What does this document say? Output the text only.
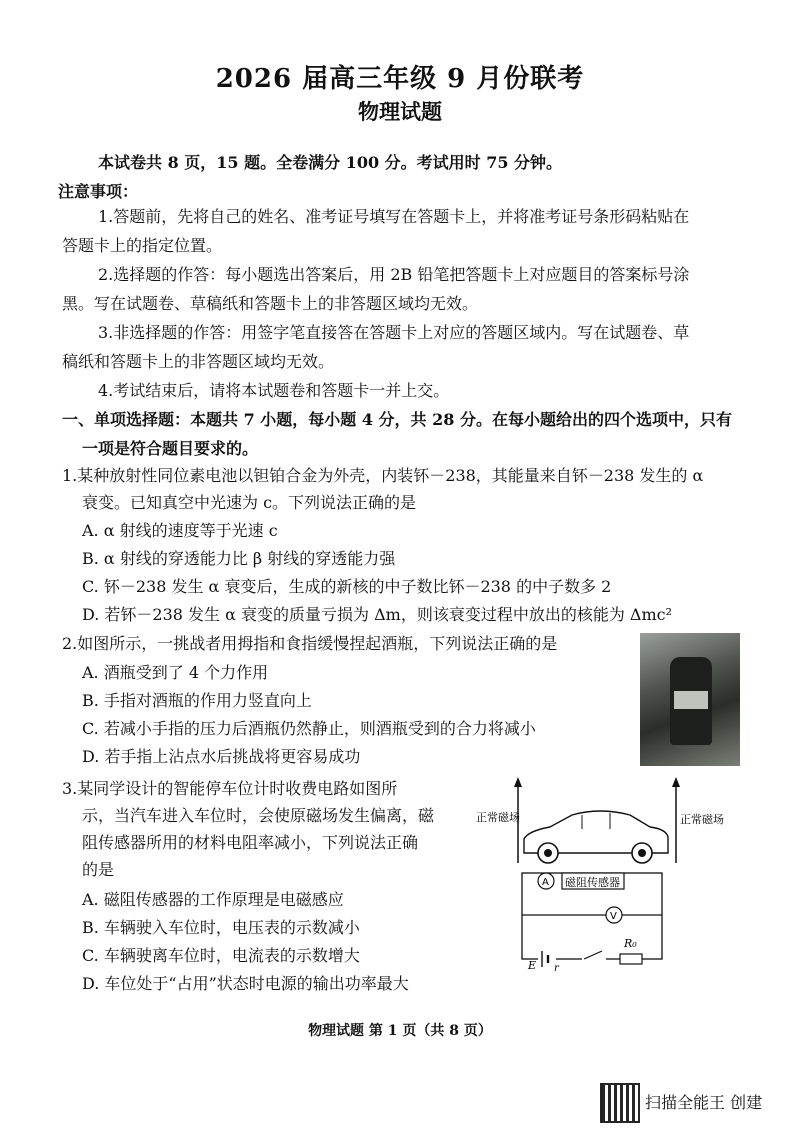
2026 届高三年级 9 月份联考
物理试题
本试卷共 8 页，15 题。全卷满分 100 分。考试用时 75 分钟。
注意事项：
1.答题前，先将自己的姓名、准考证号填写在答题卡上，并将准考证号条形码粘贴在
答题卡上的指定位置。
2.选择题的作答：每小题选出答案后，用 2B 铅笔把答题卡上对应题目的答案标号涂
黑。写在试题卷、草稿纸和答题卡上的非答题区域均无效。
3.非选择题的作答：用签字笔直接答在答题卡上对应的答题区域内。写在试题卷、草
稿纸和答题卡上的非答题区域均无效。
4.考试结束后，请将本试题卷和答题卡一并上交。
一、单项选择题：本题共 7 小题，每小题 4 分，共 28 分。在每小题给出的四个选项中，只有
一项是符合题目要求的。
1.某种放射性同位素电池以钽铂合金为外壳，内装钚－238，其能量来自钚－238 发生的 α
衰变。已知真空中光速为 c。下列说法正确的是
A. α 射线的速度等于光速 c
B. α 射线的穿透能力比 β 射线的穿透能力强
C. 钚－238 发生 α 衰变后，生成的新核的中子数比钚－238 的中子数多 2
D. 若钚－238 发生 α 衰变的质量亏损为 Δm，则该衰变过程中放出的核能为 Δmc²
2.如图所示，一挑战者用拇指和食指缓慢捏起酒瓶，下列说法正确的是
A. 酒瓶受到了 4 个力作用
B. 手指对酒瓶的作用力竖直向上
C. 若减小手指的压力后酒瓶仍然静止，则酒瓶受到的合力将减小
D. 若手指上沾点水后挑战将更容易成功
3.某同学设计的智能停车位计时收费电路如图所
示，当汽车进入车位时，会使原磁场发生偏离，磁
阻传感器所用的材料电阻率减小，下列说法正确
的是
A. 磁阻传感器的工作原理是电磁感应
B. 车辆驶入车位时，电压表的示数减小
C. 车辆驶离车位时，电流表的示数增大
D. 车位处于“占用”状态时电源的输出功率最大
正常磁场	正常磁场
A 磁阻传感器
V
E r
R₀
物理试题 第 1 页（共 8 页）
扫描全能王 创建
